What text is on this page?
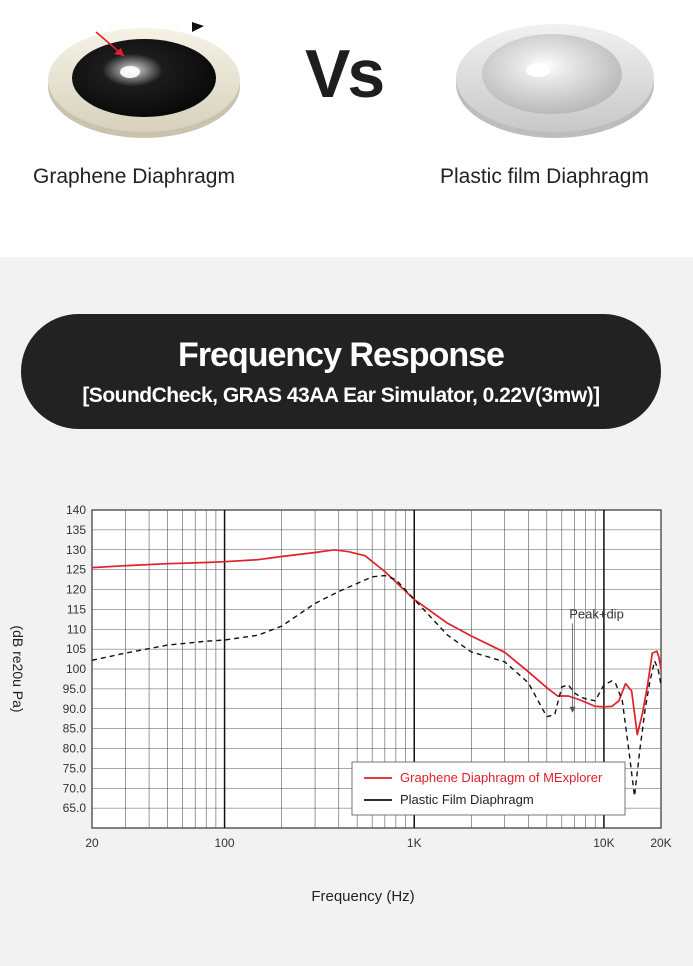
Graphene Diaphragm
Vs
Plastic film Diaphragm
Frequency Response
[SoundCheck, GRAS 43AA Ear Simulator, 0.22V(3mw)]
140
135
130
125
120
115
110
105
100
95.0
90.0
85.0
80.0
75.0
70.0
65.0
20	100	1K	10K	20K
Frequency (Hz)
(dB re20u Pa)
Peak+dip
Graphene Diaphragm of MExplorer
Plastic Film Diaphragm
